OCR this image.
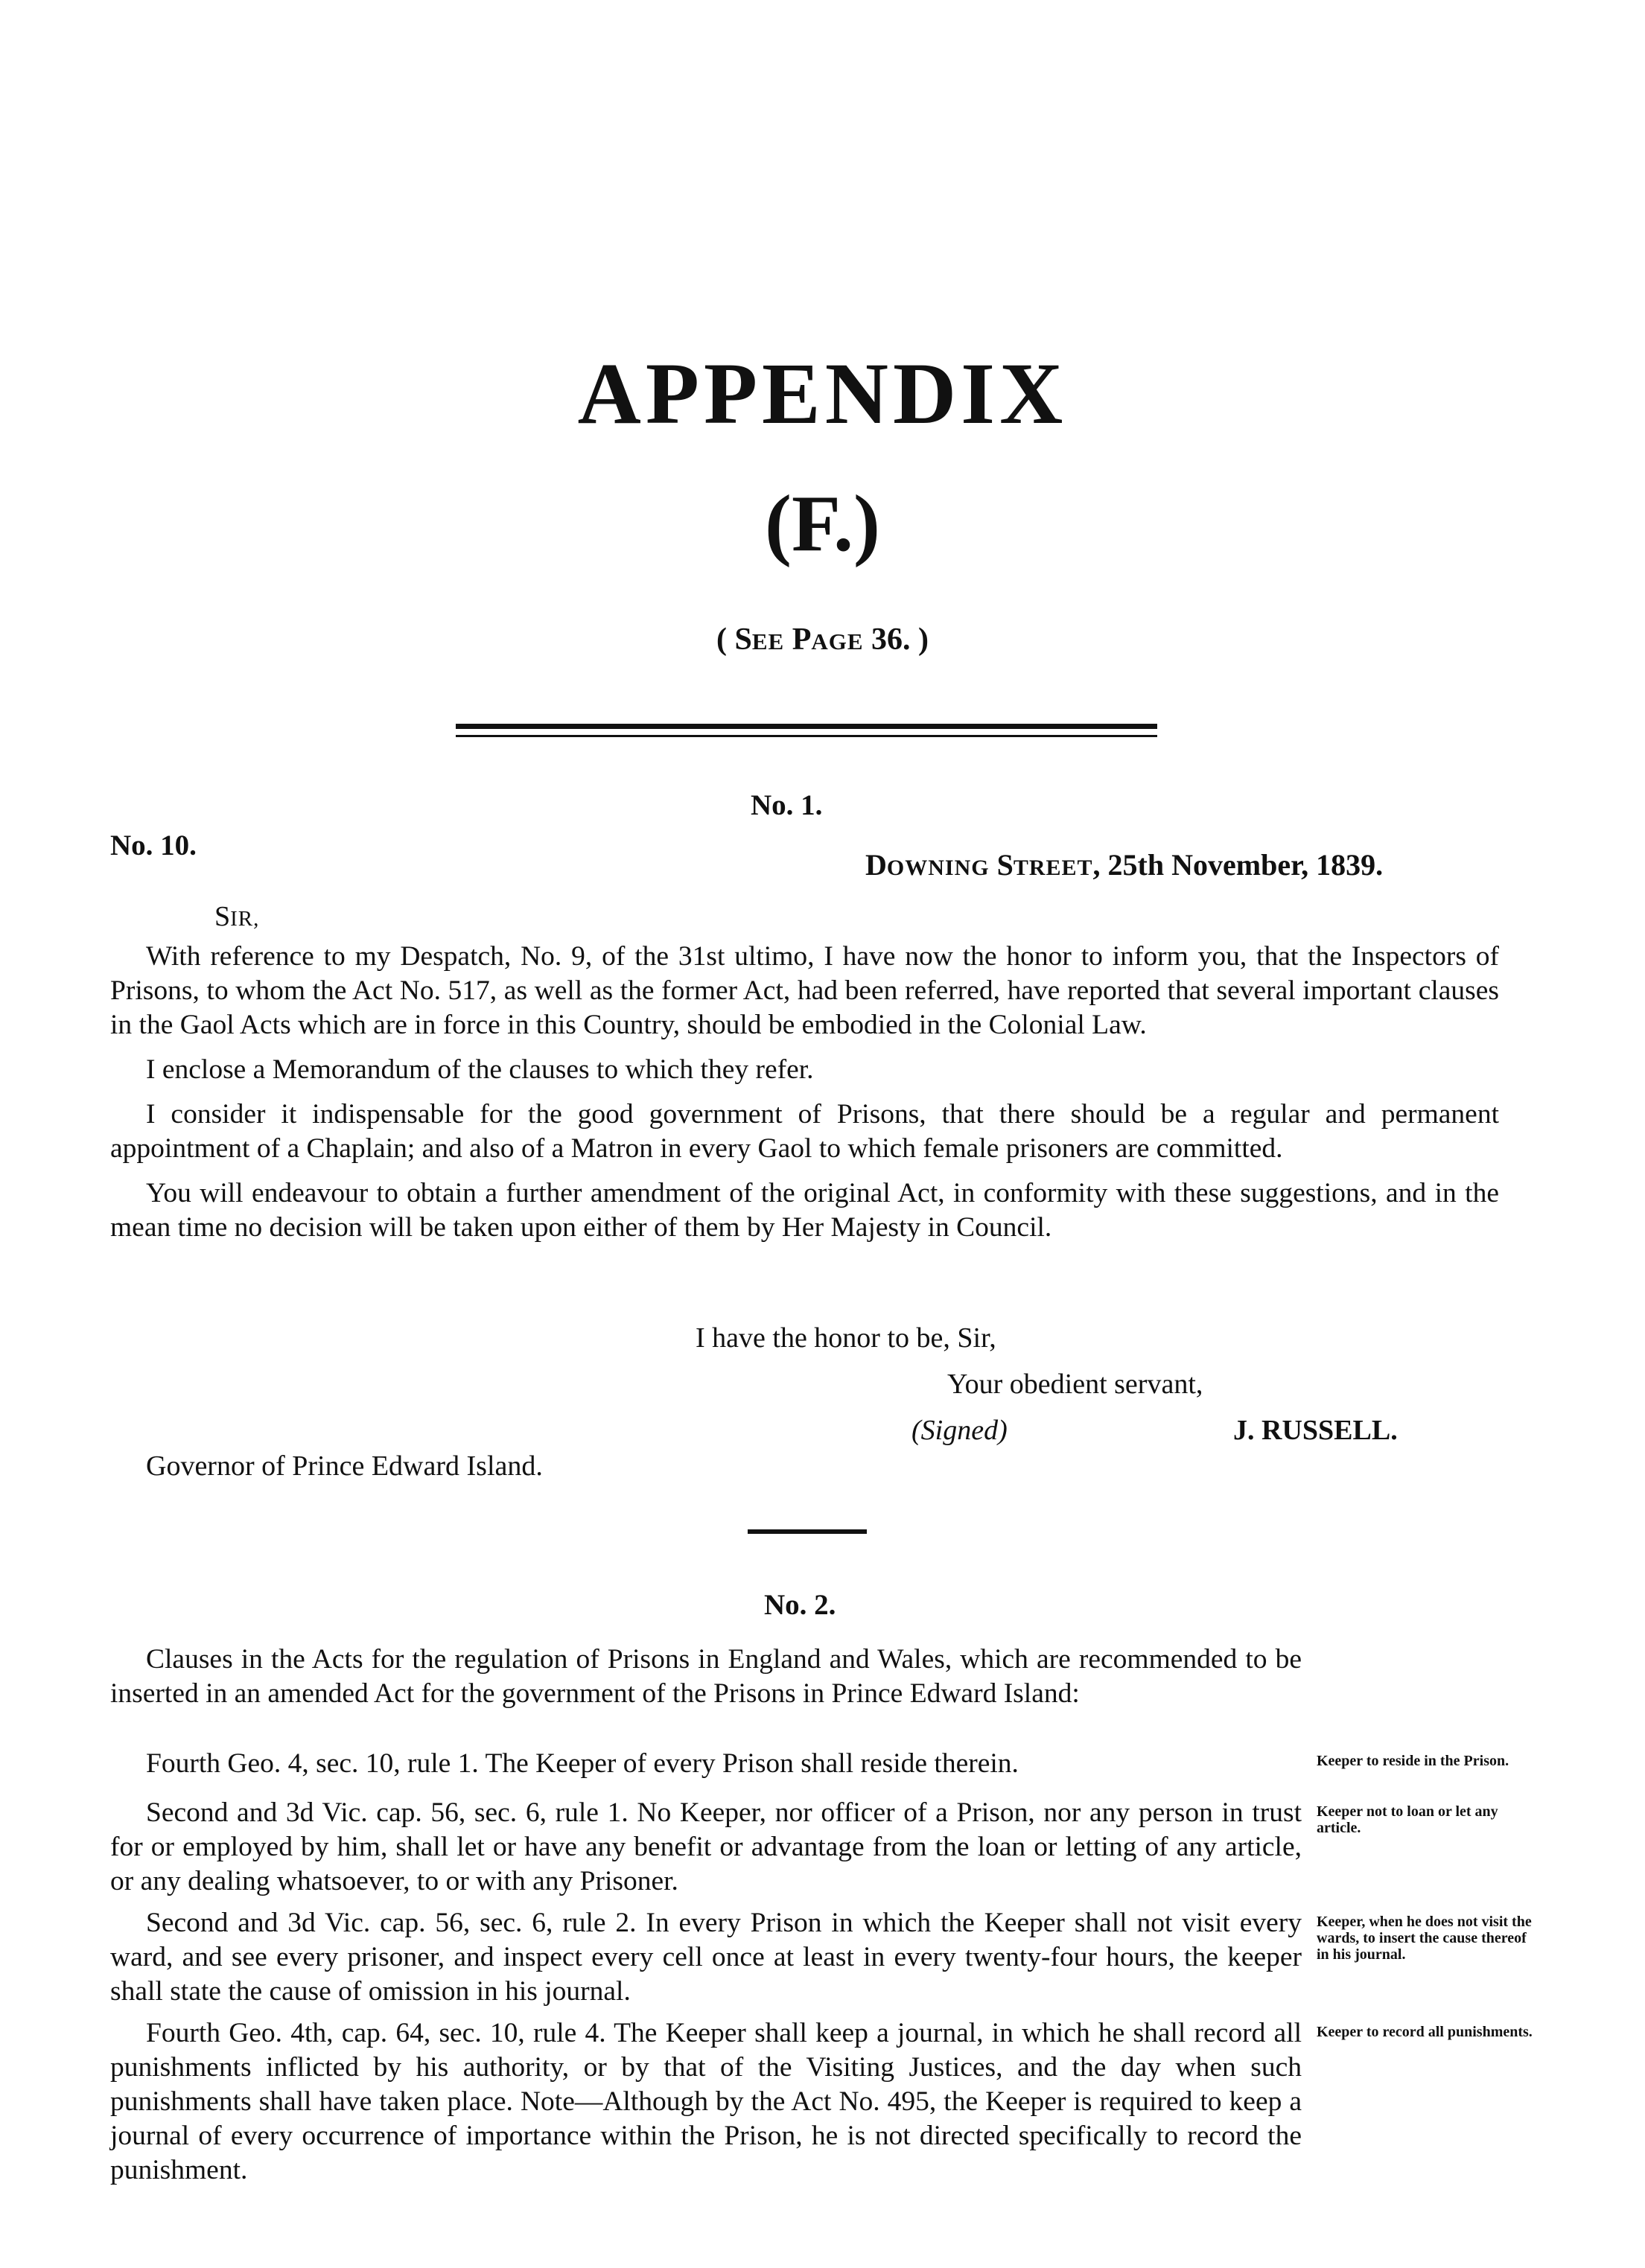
APPENDIX
(F.)
( SEE PAGE 36. )
No. 1.
No. 10.
DOWNING STREET, 25th November, 1839.
SIR,

With reference to my Despatch, No. 9, of the 31st ultimo, I have now the honor to inform you, that the Inspectors of Prisons, to whom the Act No. 517, as well as the former Act, had been referred, have reported that several important clauses in the Gaol Acts which are in force in this Country, should be embodied in the Colonial Law.

I enclose a Memorandum of the clauses to which they refer.

I consider it indispensable for the good government of Prisons, that there should be a regular and permanent appointment of a Chaplain; and also of a Matron in every Gaol to which female prisoners are committed.

You will endeavour to obtain a further amendment of the original Act, in conformity with these suggestions, and in the mean time no decision will be taken upon either of them by Her Majesty in Council.

I have the honor to be, Sir,
Your obedient servant,
(Signed)	J. RUSSELL.
Governor of Prince Edward Island.
No. 2.

Clauses in the Acts for the regulation of Prisons in England and Wales, which are recommended to be inserted in an amended Act for the government of the Prisons in Prince Edward Island:

Fourth Geo. 4, sec. 10, rule 1. The Keeper of every Prison shall reside therein.	Keeper to reside in the Prison.

Second and 3d Vic. cap. 56, sec. 6, rule 1. No Keeper, nor officer of a Prison, nor any person in trust for or employed by him, shall let or have any benefit or advantage from the loan or letting of any article, or any dealing whatsoever, to or with any Prisoner.

Keeper not to loan or let any article.

Second and 3d Vic. cap. 56, sec. 6, rule 2. In every Prison in which the Keeper shall not visit every ward, and see every prisoner, and inspect every cell once at least in every twenty-four hours, the keeper shall state the cause of omission in his journal.

Keeper, when he does not visit the wards, to insert the cause thereof in his journal.

Fourth Geo. 4th, cap. 64, sec. 10, rule 4. The Keeper shall keep a journal, in which he shall record all punishments inflicted by his authority, or by that of the Visiting Justices, and the day when such punishments shall have taken place. Note—Although by the Act No. 495, the Keeper is required to keep a journal of every occurrence of importance within the Prison, he is not directed specifically to record the punishment.

Keeper to record all punishments.
